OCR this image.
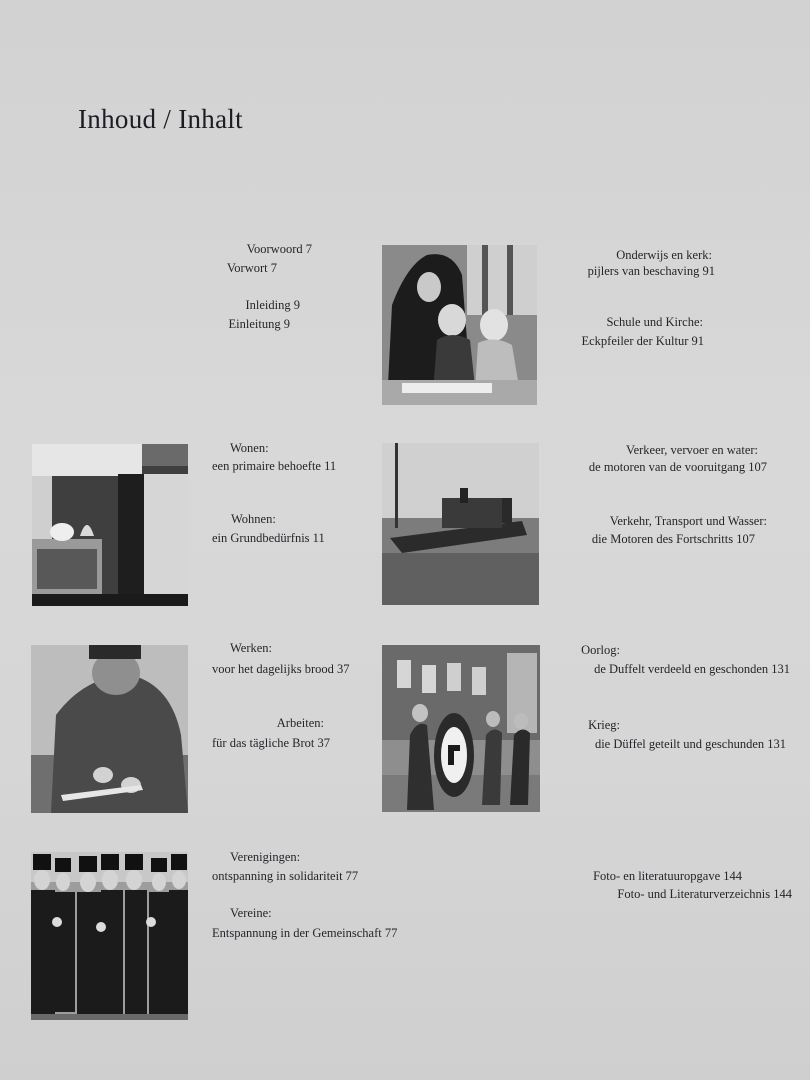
Inhoud / Inhalt
Voorwoord 7
Vorwort 7
Inleiding 9
Einleitung 9
Onderwijs en kerk:
pijlers van beschaving 91
Schule und Kirche:
Eckpfeiler der Kultur 91
Wonen:
een primaire behoefte 11
Wohnen:
ein Grundbedürfnis 11
Verkeer, vervoer en water:
de motoren van de vooruitgang 107
Verkehr, Transport und Wasser:
die Motoren des Fortschritts 107
Werken:
voor het dagelijks brood 37
Arbeiten:
für das tägliche Brot 37
Oorlog:
de Duffelt verdeeld en geschonden 131
Krieg:
die Düffel geteilt und geschunden 131
Verenigingen:
ontspanning in solidariteit 77
Vereine:
Entspannung in der Gemeinschaft 77
Foto- en literatuuropgave 144
Foto- und Literaturverzeichnis 144
